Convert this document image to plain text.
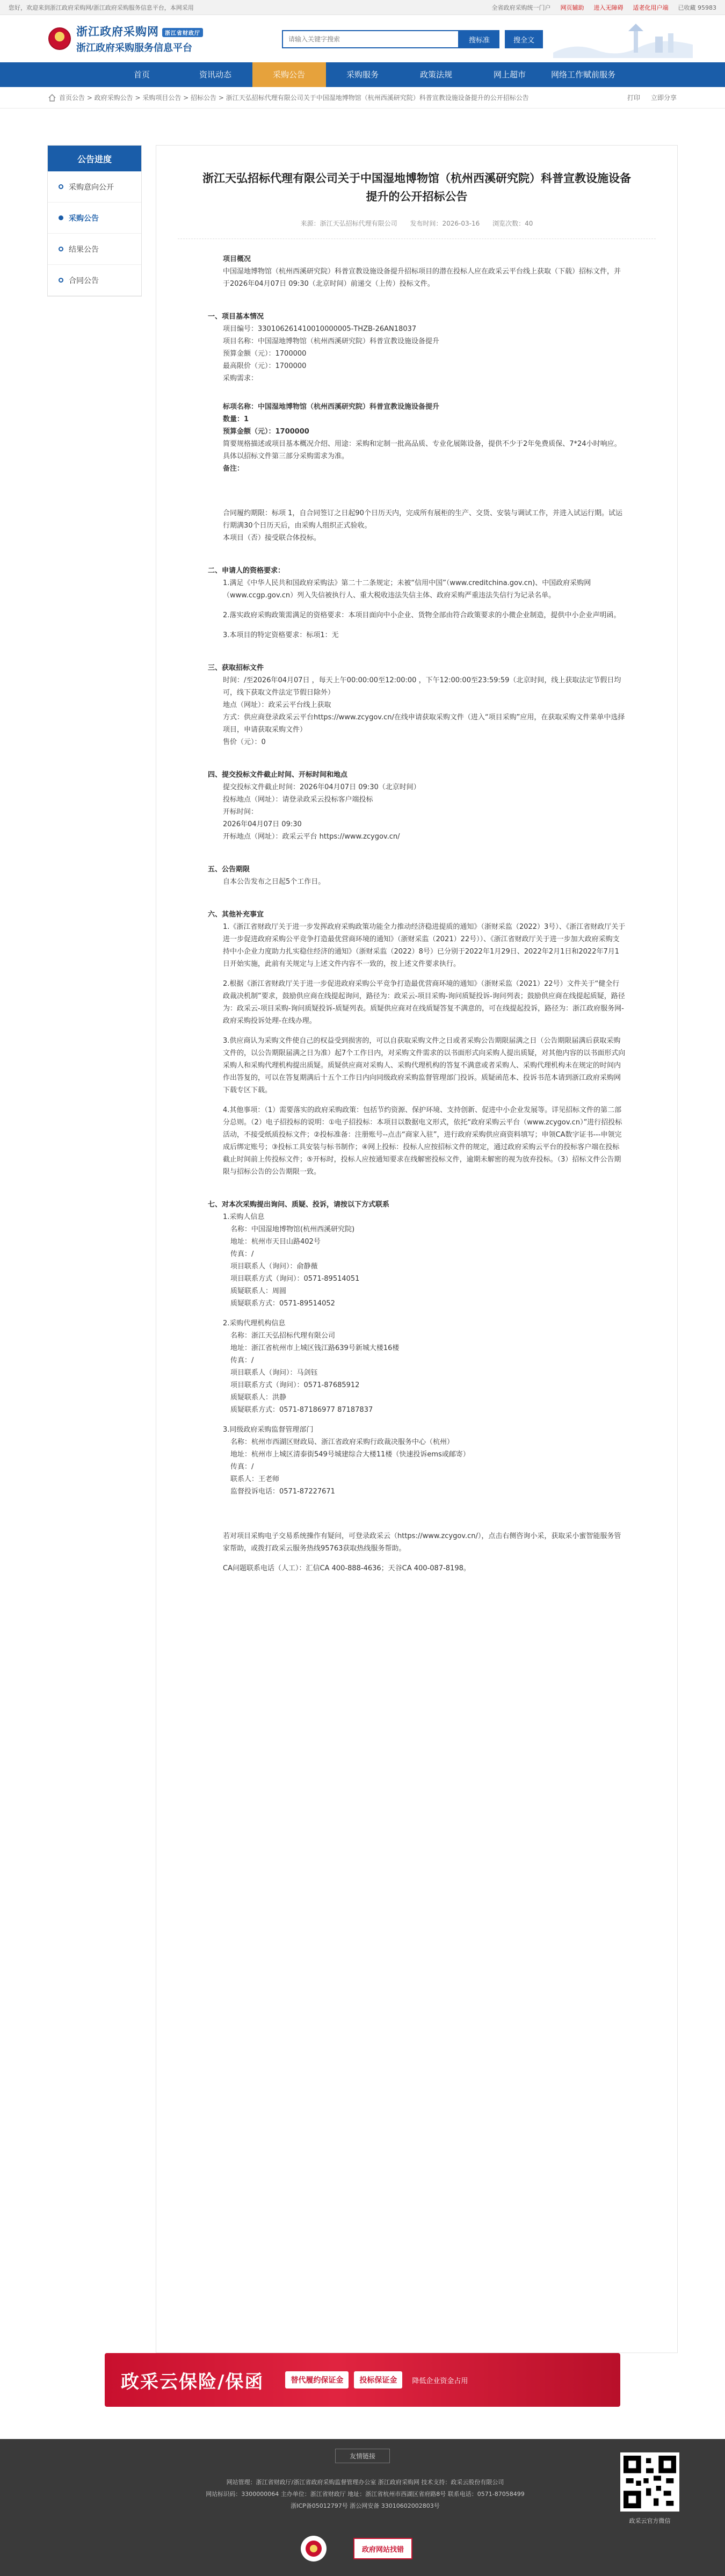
您好，欢迎来到浙江政府采购网/浙江政府采购服务信息平台，本网采用	全省政府采购统一门户 网页辅助 进入无障碍 适老化用户端 已收藏 95983
浙江政府采购网 浙江省财政厅
浙江政府采购服务信息平台
请输入关键字搜索
搜标准	搜全文
首页	资讯动态	采购公告	采购服务	政策法规	网上超市	网络工作赋前服务
首页公告 > 政府采购公告 > 采购项目公告 > 招标公告 > 浙江天弘招标代理有限公司关于中国湿地博物馆（杭州西溪研究院）科普宣教设施设备提升的公开招标公告	打印 立即分享
公告进度
采购意向公开
采购公告
结果公告
合同公告
浙江天弘招标代理有限公司关于中国湿地博物馆（杭州西溪研究院）科普宣教设施设备提升的公开招标公告
来源：浙江天弘招标代理有限公司 发布时间：2026-03-16 浏览次数：40

项目概况

中国湿地博物馆（杭州西溪研究院）科普宣教设施设备提升招标项目的潜在投标人应在政采云平台线上获取（下载）招标文件，并于2026年04月07日 09:30（北京时间）前递交（上传）投标文件。

一、项目基本情况

项目编号：330106261410010000005-THZB-26AN18037

项目名称：中国湿地博物馆（杭州西溪研究院）科普宣教设施设备提升

预算金额（元）：1700000

最高限价（元）：1700000

采购需求：

标项名称：中国湿地博物馆（杭州西溪研究院）科普宣教设施设备提升

数量：1

预算金额（元）：1700000

简要规格描述或项目基本概况介绍、用途：采购和定制一批高品质、专业化展陈设备，提供不少于2年免费质保、7*24小时响应。具体以招标文件第三部分采购需求为准。

备注：

合同履约期限：标项 1，自合同签订之日起90个日历天内，完成所有展柜的生产、交货、安装与调试工作，并进入试运行期。试运行期满30个日历天后，由采购人组织正式验收。

本项目（否）接受联合体投标。

二、申请人的资格要求：

1.满足《中华人民共和国政府采购法》第二十二条规定；未被“信用中国”（www.creditchina.gov.cn)、中国政府采购网（www.ccgp.gov.cn）列入失信被执行人、重大税收违法失信主体、政府采购严重违法失信行为记录名单。

2.落实政府采购政策需满足的资格要求：本项目面向中小企业、货物全部由符合政策要求的小微企业制造，提供中小企业声明函。

3.本项目的特定资格要求：标项1：无

三、获取招标文件

时间：/至2026年04月07日 ，每天上午00:00:00至12:00:00 ，下午12:00:00至23:59:59（北京时间，线上获取法定节假日均可，线下获取文件法定节假日除外）

地点（网址）：政采云平台线上获取

方式：供应商登录政采云平台https://www.zcygov.cn/在线申请获取采购文件（进入“项目采购”应用，在获取采购文件菜单中选择项目，申请获取采购文件）

售价（元）：0

四、提交投标文件截止时间、开标时间和地点

提交投标文件截止时间：2026年04月07日 09:30（北京时间）

投标地点（网址）：请登录政采云投标客户端投标

开标时间：

2026年04月07日 09:30

开标地点（网址）：政采云平台 https://www.zcygov.cn/

五、公告期限

自本公告发布之日起5个工作日。

六、其他补充事宜

1.《浙江省财政厅关于进一步发挥政府采购政策功能全力推动经济稳进提质的通知》（浙财采监（2022）3号）、《浙江省财政厅关于进一步促进政府采购公平竞争打造最优营商环境的通知》（浙财采监（2021）22号））、《浙江省财政厅关于进一步加大政府采购支持中小企业力度助力扎实稳住经济的通知》（浙财采监（2022）8号）已分别于2022年1月29日、2022年2月1日和2022年7月1日开始实施，此前有关规定与上述文件内容不一致的，按上述文件要求执行。

2.根据《浙江省财政厅关于进一步促进政府采购公平竞争打造最优营商环境的通知》（浙财采监（2021）22号）文件关于“健全行政裁决机制”要求，鼓励供应商在线提起询问，路径为：政采云-项目采购-询问质疑投诉-询问列表；鼓励供应商在线提起质疑，路径为：政采云-项目采购-询问质疑投诉-质疑列表。质疑供应商对在线质疑答复不满意的，可在线提起投诉，路径为：浙江政府服务网-政府采购投诉处理-在线办理。

3.供应商认为采购文件使自己的权益受到损害的，可以自获取采购文件之日或者采购公告期限届满之日（公告期限届满后获取采购文件的，以公告期限届满之日为准）起7个工作日内，对采购文件需求的以书面形式向采购人提出质疑，对其他内容的以书面形式向采购人和采购代理机构提出质疑。质疑供应商对采购人、采购代理机构的答复不满意或者采购人、采购代理机构未在规定的时间内作出答复的，可以在答复期满后十五个工作日内向同级政府采购监督管理部门投诉。质疑函范本、投诉书范本请到浙江政府采购网下载专区下载。

4.其他事项：（1）需要落实的政府采购政策：包括节约资源、保护环境、支持创新、促进中小企业发展等。详见招标文件的第二部分总则。（2）电子招投标的说明：①电子招投标：本项目以数据电文形式，依托“政府采购云平台（www.zcygov.cn）”进行招投标活动，不接受纸质投标文件；②投标准备：注册账号--点击“商家入驻”，进行政府采购供应商资料填写；申领CA数字证书---申领完成后绑定账号；③投标工具安装与标书制作；④网上投标：投标人应按招标文件的规定，通过政府采购云平台的投标客户端在投标截止时间前上传投标文件；⑤开标时，投标人应按通知要求在线解密投标文件，逾期未解密的视为放弃投标。（3）招标文件公告期限与招标公告的公告期限一致。

七、对本次采购提出询问、质疑、投诉，请按以下方式联系

1.采购人信息

名称：中国湿地博物馆(杭州西溪研究院)

地址：杭州市天目山路402号

传真：/

项目联系人（询问）：俞静薇

项目联系方式（询问）：0571-89514051

质疑联系人：周圆

质疑联系方式：0571-89514052

2.采购代理机构信息

名称：浙江天弘招标代理有限公司

地址：浙江省杭州市上城区钱江路639号新城大楼16楼

传真：/

项目联系人（询问）：马剑钰

项目联系方式（询问）：0571-87685912

质疑联系人：洪静

质疑联系方式：0571-87186977 87187837

3.同级政府采购监督管理部门

名称：杭州市西湖区财政局、浙江省政府采购行政裁决服务中心（杭州）

地址：杭州市上城区清泰街549号城建综合大楼11楼（快速投诉ems或邮寄）

传真：/

联系人：王老师

监督投诉电话：0571-87227671

若对项目采购电子交易系统操作有疑问，可登录政采云（https://www.zcygov.cn/），点击右侧咨询小采，获取采小蜜智能服务管家帮助，或拨打政采云服务热线95763获取热线服务帮助。

CA问题联系电话（人工）：汇信CA 400-888-4636；天谷CA 400-087-8198。

政采云保险/保函	替代履约保证金	投标保证金	降低企业资金占用
友情链接

网站管理：浙江省财政厅/浙江省政府采购监督管理办公室 浙江政府采购网 技术支持：政采云股份有限公司

网站标识码：3300000064 主办单位：浙江省财政厅 地址：浙江省杭州市西湖区省府路8号 联系电话：0571-87058499

浙ICP备05012797号 浙公网安备 33010602002803号

政府网站找错
政采云官方微信
